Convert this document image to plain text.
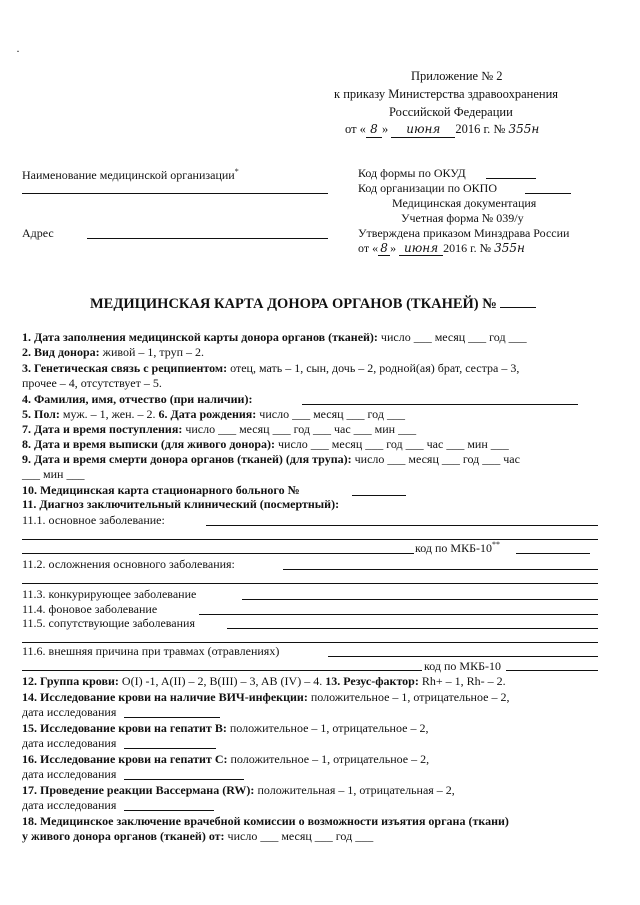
·
Приложение № 2
к приказу Министерства здравоохранения
Российской Федерации
от « 8 » июня 2016 г. № 355н
Наименование медицинской организации*
Адрес
Код формы по ОКУД
Код организации по ОКПО
Медицинская документация
Учетная форма № 039/у
Утверждена приказом Минздрава России
от « 8 » июня 2016 г. № 355н
МЕДИЦИНСКАЯ КАРТА ДОНОРА ОРГАНОВ (ТКАНЕЙ) №
1. Дата заполнения медицинской карты донора органов (тканей): число ___ месяц ___ год ___
2. Вид донора: живой – 1, труп – 2.
3. Генетическая связь с реципиентом: отец, мать – 1, сын, дочь – 2, родной(ая) брат, сестра – 3,
прочее – 4, отсутствует – 5.
4. Фамилия, имя, отчество (при наличии):
5. Пол: муж. – 1, жен. – 2. 6. Дата рождения: число ___ месяц ___ год ___
7. Дата и время поступления: число ___ месяц ___ год ___ час ___ мин ___
8. Дата и время выписки (для живого донора): число ___ месяц ___ год ___ час ___ мин ___
9. Дата и время смерти донора органов (тканей) (для трупа): число ___ месяц ___ год ___ час
___ мин ___
10. Медицинская карта стационарного больного №
11. Диагноз заключительный клинический (посмертный):
11.1. основное заболевание:
код по МКБ-10**
11.2. осложнения основного заболевания:
11.3. конкурирующее заболевание
11.4. фоновое заболевание
11.5. сопутствующие заболевания
11.6. внешняя причина при травмах (отравлениях)
код по МКБ-10
12. Группа крови: O(I) -1, A(II) – 2, B(III) – 3, AB (IV) – 4. 13. Резус-фактор: Rh+ – 1, Rh- – 2.
14. Исследование крови на наличие ВИЧ-инфекции: положительное – 1, отрицательное – 2,
дата исследования
15. Исследование крови на гепатит В: положительное – 1, отрицательное – 2,
дата исследования
16. Исследование крови на гепатит С: положительное – 1, отрицательное – 2,
дата исследования
17. Проведение реакции Вассермана (RW): положительная – 1, отрицательная – 2,
дата исследования
18. Медицинское заключение врачебной комиссии о возможности изъятия органа (ткани)
у живого донора органов (тканей) от: число ___ месяц ___ год ___
